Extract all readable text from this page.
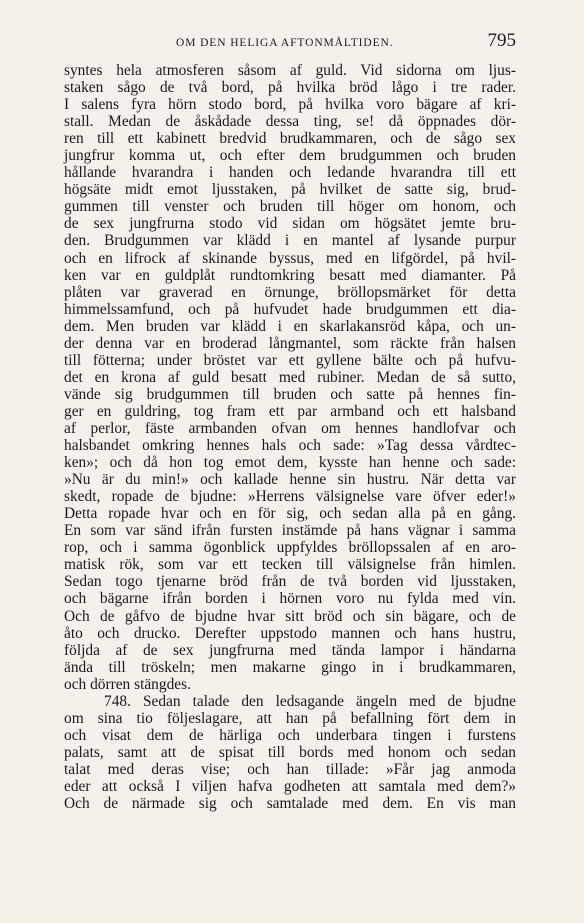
OM DEN HELIGA AFTONMÅLTIDEN.	795
syntes hela atmosferen såsom af guld. Vid sidorna om ljus-
staken sågo de två bord, på hvilka bröd lågo i tre rader.
I salens fyra hörn stodo bord, på hvilka voro bägare af kri-
stall. Medan de åskådade dessa ting, se! då öppnades dör-
ren till ett kabinett bredvid brudkammaren, och de sågo sex
jungfrur komma ut, och efter dem brudgummen och bruden
hållande hvarandra i handen och ledande hvarandra till ett
högsäte midt emot ljusstaken, på hvilket de satte sig, brud-
gummen till venster och bruden till höger om honom, och
de sex jungfrurna stodo vid sidan om högsätet jemte bru-
den. Brudgummen var klädd i en mantel af lysande purpur
och en lifrock af skinande byssus, med en lifgördel, på hvil-
ken var en guldplåt rundtomkring besatt med diamanter. På
plåten var graverad en örnunge, bröllopsmärket för detta
himmelssamfund, och på hufvudet hade brudgummen ett dia-
dem. Men bruden var klädd i en skarlakansröd kåpa, och un-
der denna var en broderad långmantel, som räckte från halsen
till fötterna; under bröstet var ett gyllene bälte och på hufvu-
det en krona af guld besatt med rubiner. Medan de så sutto,
vände sig brudgummen till bruden och satte på hennes fin-
ger en guldring, tog fram ett par armband och ett halsband
af perlor, fäste armbanden ofvan om hennes handlofvar och
halsbandet omkring hennes hals och sade: »Tag dessa vårdtec-
ken»; och då hon tog emot dem, kysste han henne och sade:
»Nu är du min!» och kallade henne sin hustru. När detta var
skedt, ropade de bjudne: »Herrens välsignelse vare öfver eder!»
Detta ropade hvar och en för sig, och sedan alla på en gång.
En som var sänd ifrån fursten instämde på hans vägnar i samma
rop, och i samma ögonblick uppfyldes bröllopssalen af en aro-
matisk rök, som var ett tecken till välsignelse från himlen.
Sedan togo tjenarne bröd från de två borden vid ljusstaken,
och bägarne ifrån borden i hörnen voro nu fylda med vin.
Och de gåfvo de bjudne hvar sitt bröd och sin bägare, och de
åto och drucko. Derefter uppstodo mannen och hans hustru,
följda af de sex jungfrurna med tända lampor i händarna
ända till tröskeln; men makarne gingo in i brudkammaren,
och dörren stängdes.
748. Sedan talade den ledsagande ängeln med de bjudne
om sina tio följeslagare, att han på befallning fört dem in
och visat dem de härliga och underbara tingen i furstens
palats, samt att de spisat till bords med honom och sedan
talat med deras vise; och han tillade: »Får jag anmoda
eder att också I viljen hafva godheten att samtala med dem?»
Och de närmade sig och samtalade med dem. En vis man
